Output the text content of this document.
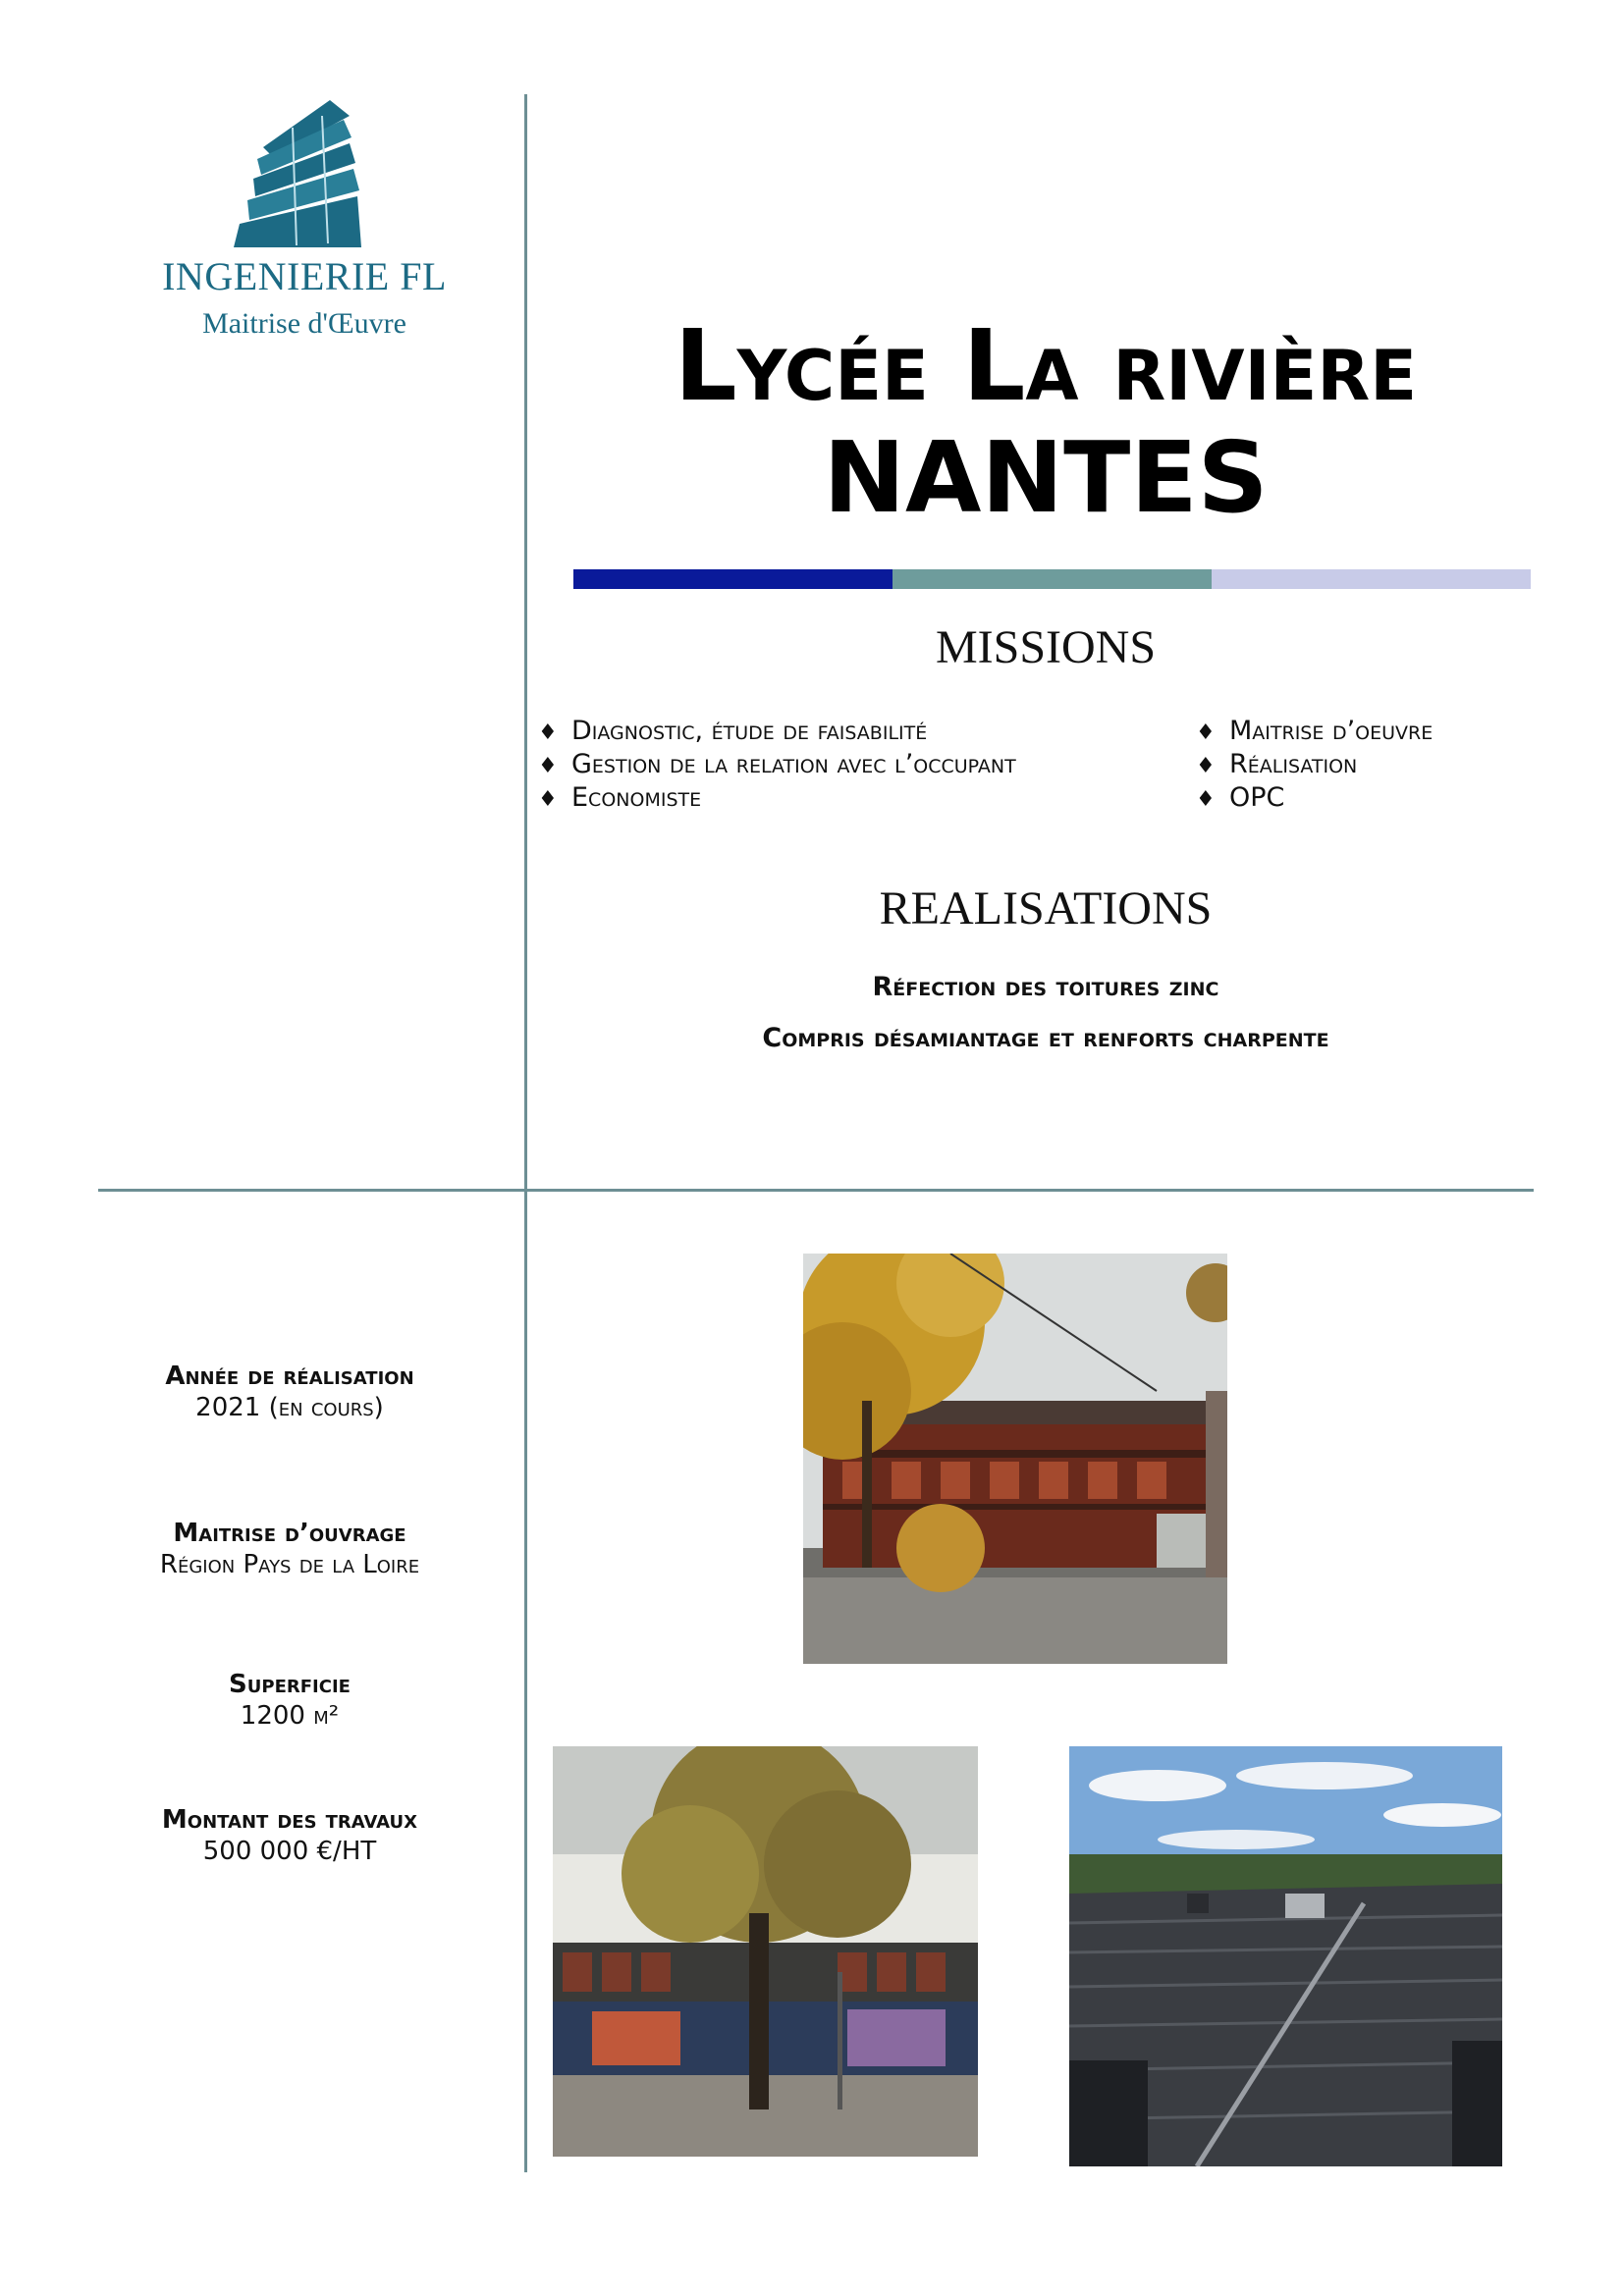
INGENIERIE FL
Maitrise d'Œuvre	Lycée La rivière
NANTES
MISSIONS
♦ Diagnostic, étude de faisabilité
♦ Gestion de la relation avec l’occupant
♦ Economiste
♦ Maitrise d’oeuvre
♦ Réalisation
♦ OPC
REALISATIONS
Réfection des toitures zinc
Compris désamiantage et renforts charpente
Année de réalisation
2021 (en cours)
Maitrise d’ouvrage
Région Pays de la Loire
Superficie
1200 m²
Montant des travaux
500 000 €/HT
